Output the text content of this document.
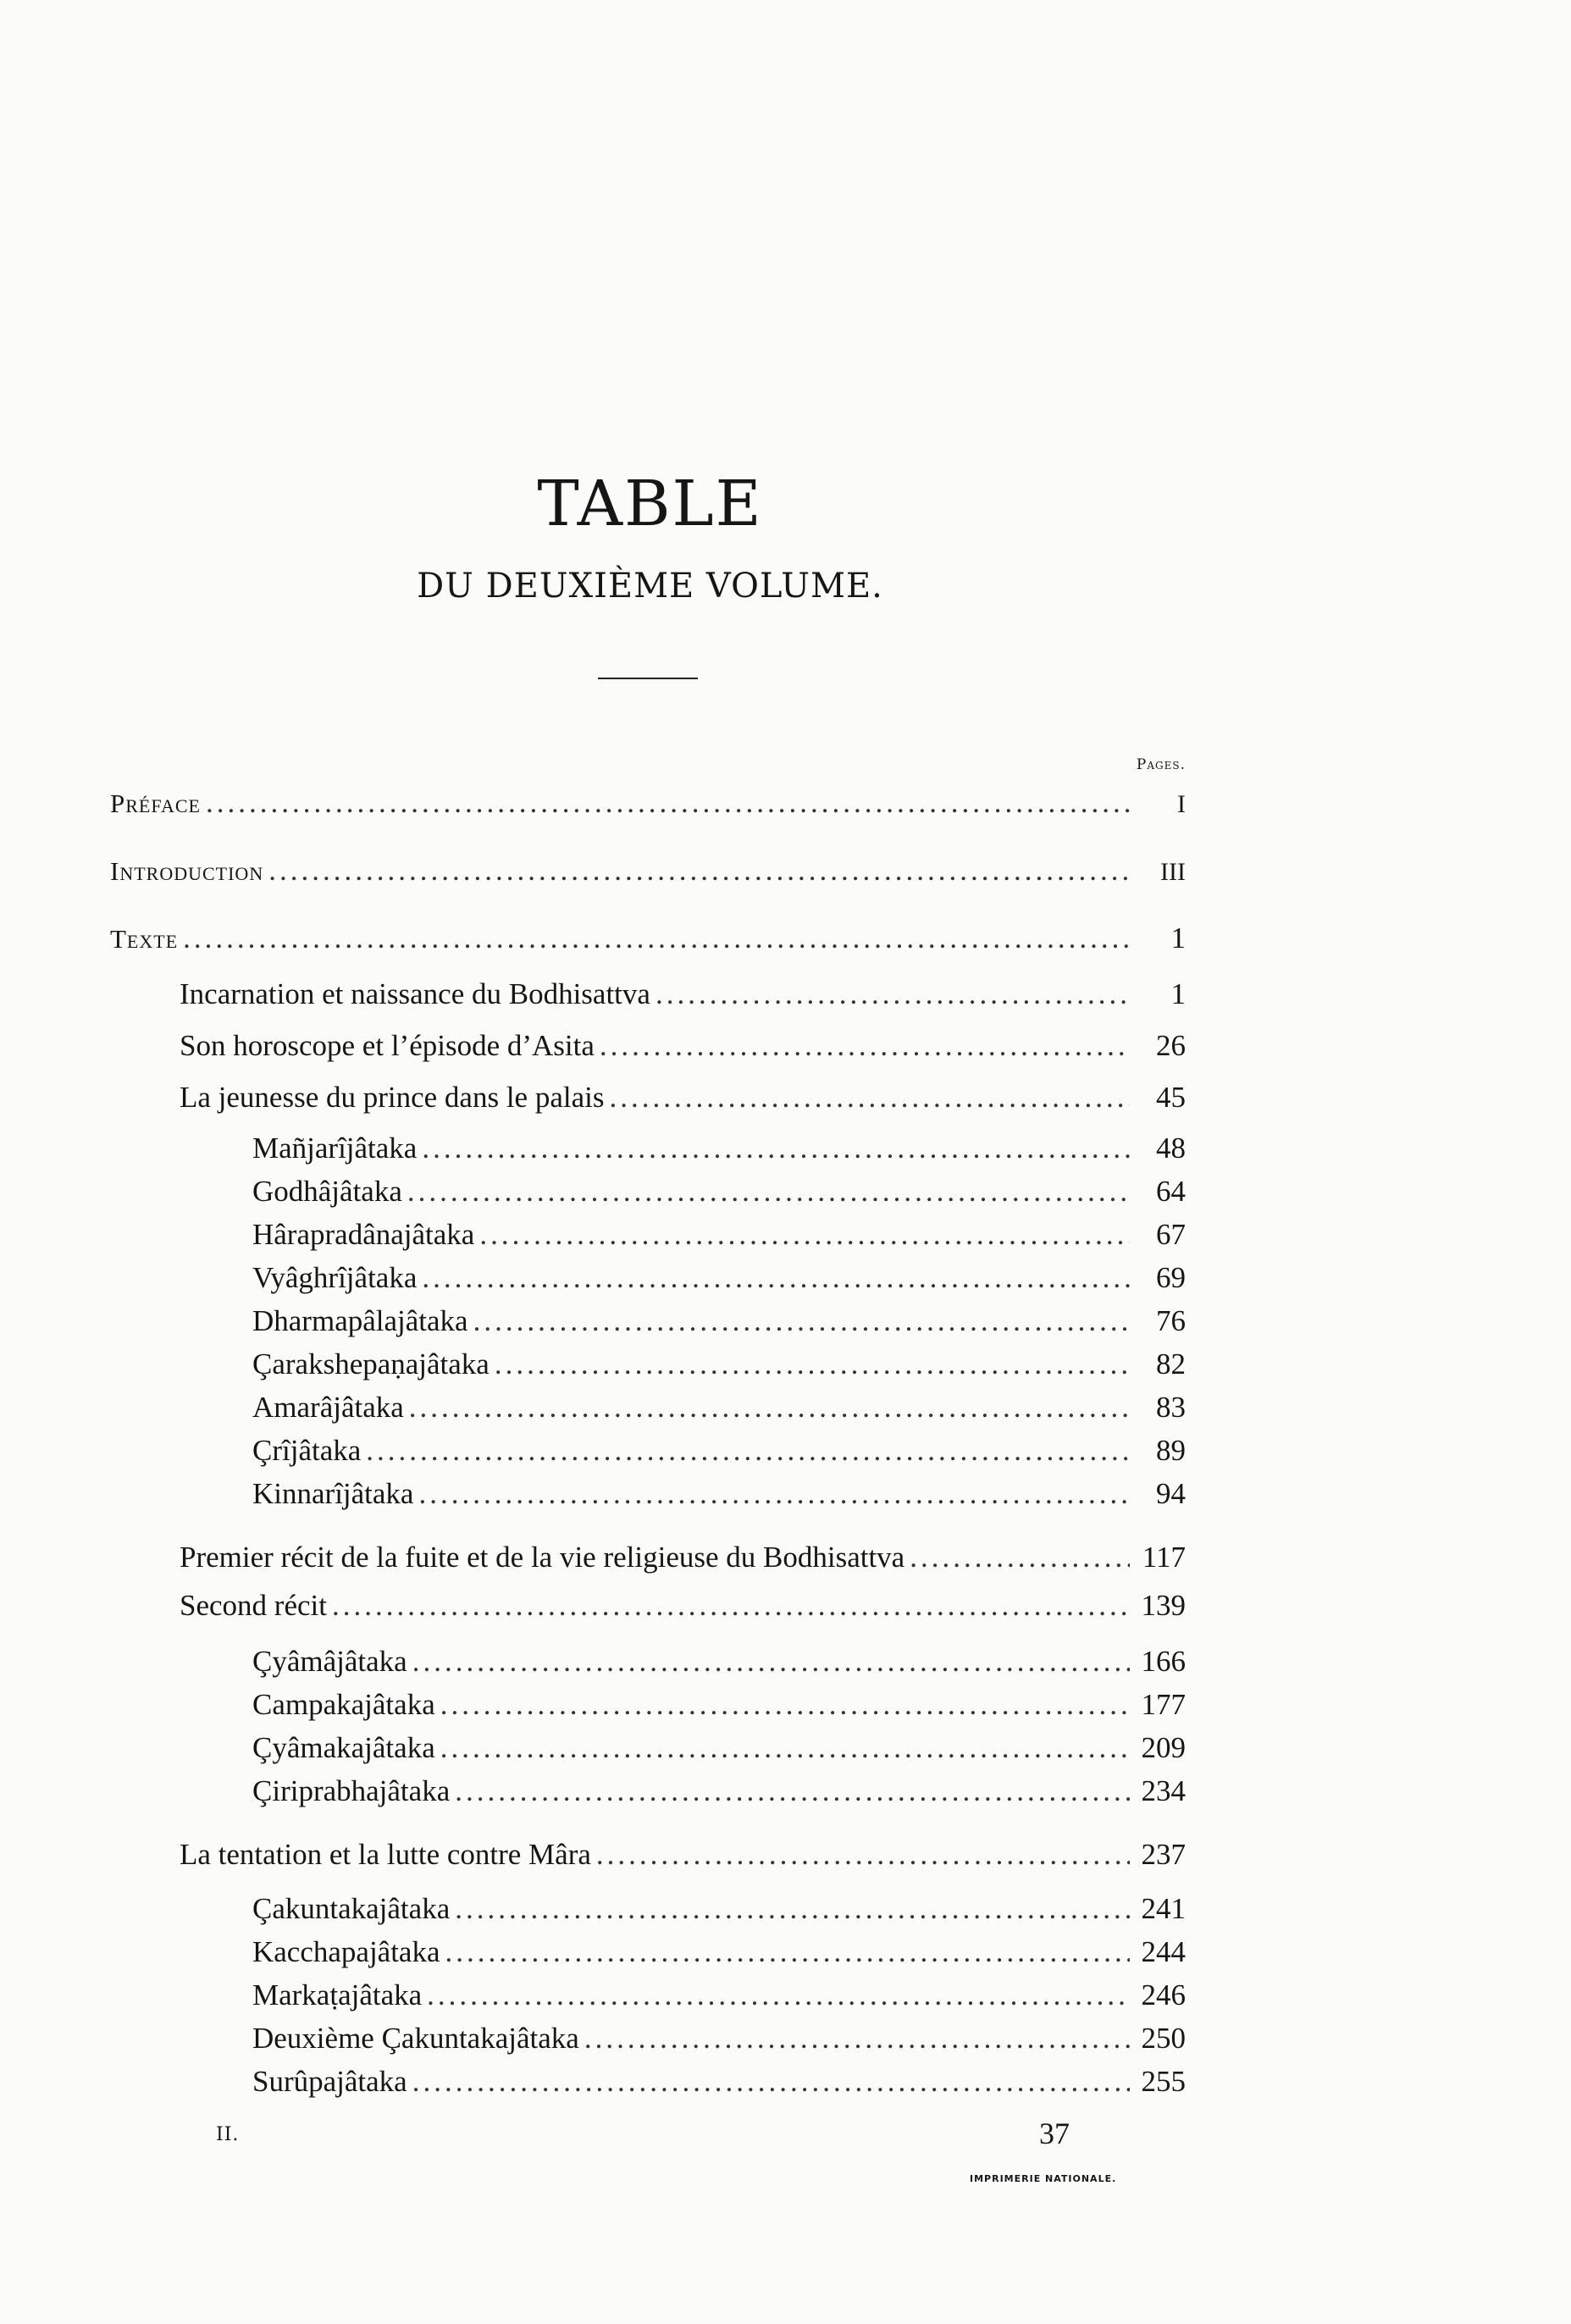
TABLE
DU DEUXIÈME VOLUME.
Pages.
Préface .....	I
Introduction .....	III
Texte .....	1
Incarnation et naissance du Bodhisattva .....	1
Son horoscope et l’épisode d’Asita .....	26
La jeunesse du prince dans le palais .....	45
Mañjarîjâtaka .....	48
Godhâjâtaka .....	64
Hârapradânajâtaka .....	67
Vyâghrîjâtaka .....	69
Dharmapâlajâtaka .....	76
Çarakshepaṇajâtaka .....	82
Amarâjâtaka .....	83
Çrîjâtaka .....	89
Kinnarîjâtaka .....	94
Premier récit de la fuite et de la vie religieuse du Bodhisattva .....	117
Second récit .....	139
Çyâmâjâtaka .....	166
Campakajâtaka .....	177
Çyâmakajâtaka .....	209
Çiriprabhajâtaka .....	234
La tentation et la lutte contre Mâra .....	237
Çakuntakajâtaka .....	241
Kacchapajâtaka .....	244
Markaṭajâtaka .....	246
Deuxième Çakuntakajâtaka .....	250
Surûpajâtaka .....	255
II.	37
IMPRIMERIE NATIONALE.
